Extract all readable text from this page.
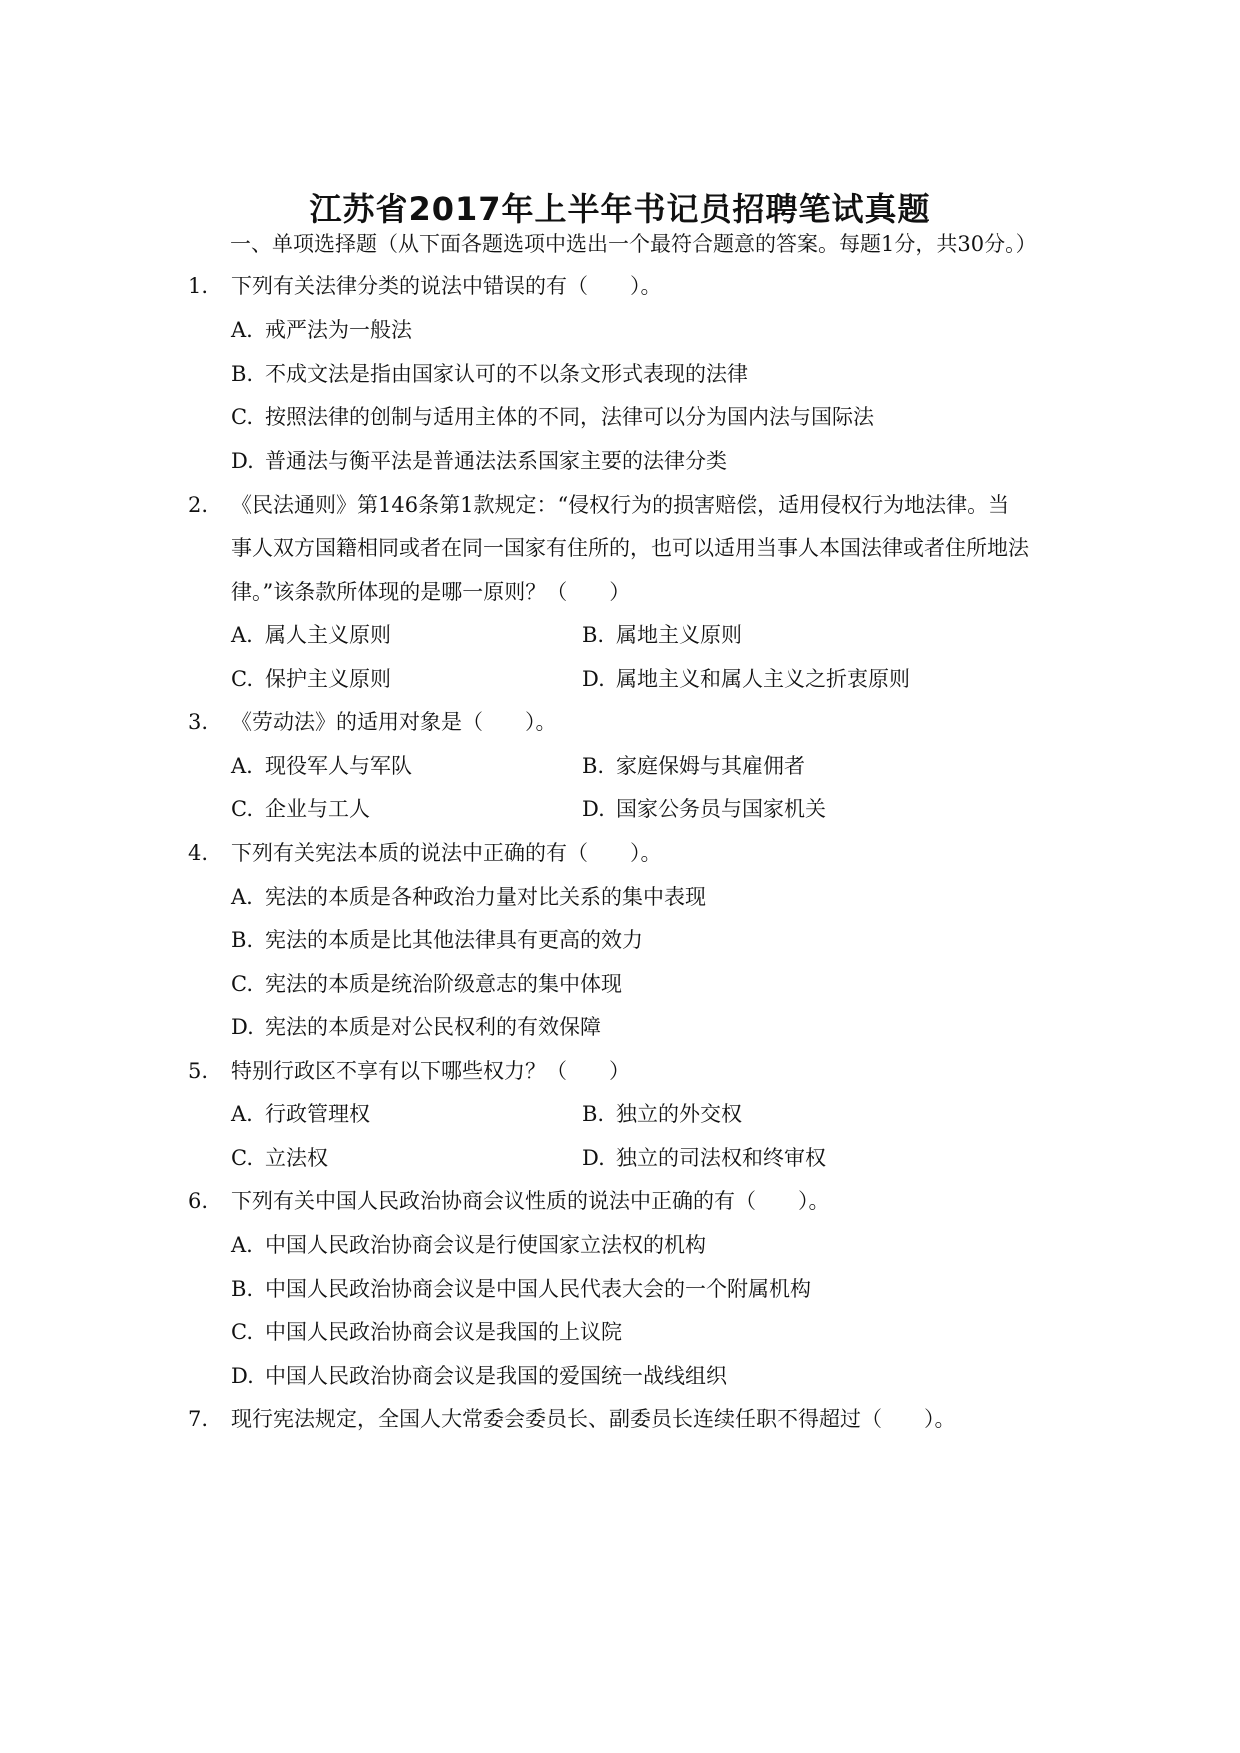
江苏省2017年上半年书记员招聘笔试真题
一、单项选择题（从下面各题选项中选出一个最符合题意的答案。每题1分，共30分。）
1. 下列有关法律分类的说法中错误的有（　　）。
A. 戒严法为一般法
B. 不成文法是指由国家认可的不以条文形式表现的法律
C. 按照法律的创制与适用主体的不同，法律可以分为国内法与国际法
D. 普通法与衡平法是普通法法系国家主要的法律分类
2. 《民法通则》第146条第1款规定：“侵权行为的损害赔偿，适用侵权行为地法律。当
事人双方国籍相同或者在同一国家有住所的，也可以适用当事人本国法律或者住所地法
律。”该条款所体现的是哪一原则？（　　）
A. 属人主义原则	B. 属地主义原则
C. 保护主义原则	D. 属地主义和属人主义之折衷原则
3. 《劳动法》的适用对象是（　　）。
A. 现役军人与军队	B. 家庭保姆与其雇佣者
C. 企业与工人	D. 国家公务员与国家机关
4. 下列有关宪法本质的说法中正确的有（　　）。
A. 宪法的本质是各种政治力量对比关系的集中表现
B. 宪法的本质是比其他法律具有更高的效力
C. 宪法的本质是统治阶级意志的集中体现
D. 宪法的本质是对公民权利的有效保障
5. 特别行政区不享有以下哪些权力？（　　）
A. 行政管理权	B. 独立的外交权
C. 立法权	D. 独立的司法权和终审权
6. 下列有关中国人民政治协商会议性质的说法中正确的有（　　）。
A. 中国人民政治协商会议是行使国家立法权的机构
B. 中国人民政治协商会议是中国人民代表大会的一个附属机构
C. 中国人民政治协商会议是我国的上议院
D. 中国人民政治协商会议是我国的爱国统一战线组织
7. 现行宪法规定，全国人大常委会委员长、副委员长连续任职不得超过（　　）。
